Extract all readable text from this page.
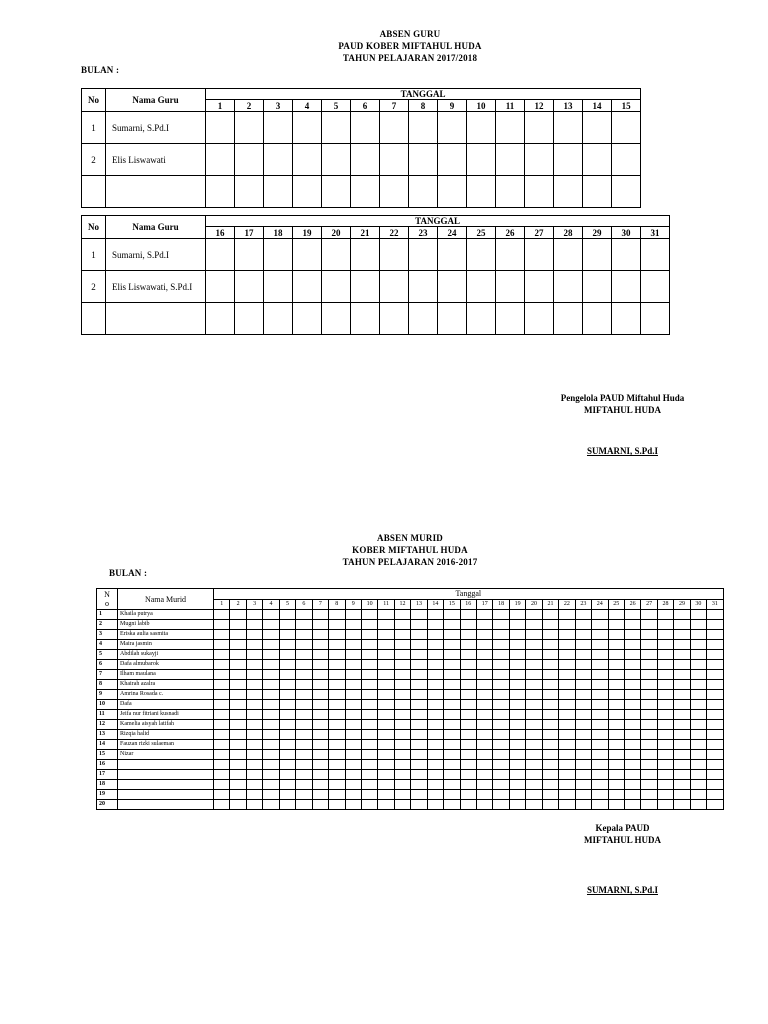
ABSEN GURU
PAUD KOBER MIFTAHUL HUDA
TAHUN PELAJARAN 2017/2018
BULAN :
No	Nama Guru	TANGGAL														
		1	2	3	4	5	6	7	8	9	10	11	12	13	14	15
1	Sumarni, S.Pd.I															
2	Elis Liswawati															

No	Nama Guru	TANGGAL															
		16	17	18	19	20	21	22	23	24	25	26	27	28	29	30	31
1	Sumarni, S.Pd.I																
2	Elis Liswawati, S.Pd.I																

Pengelola PAUD Miftahul Huda
MIFTAHUL HUDA
SUMARNI, S.Pd.I
ABSEN MURID
KOBER MIFTAHUL HUDA
TAHUN PELAJARAN 2016-2017
BULAN :
N
o	Nama Murid	Tanggal																														
		1	2	3	4	5	6	7	8	9	10	11	12	13	14	15	16	17	18	19	20	21	22	23	24	25	26	27	28	29	30	31
1	Khaila putrya																															
2	Mugni labib																															
3	Eriska aulia sasmita																															
4	Maira jasmin																															
5	Abdilah sukayji																															
6	Dafa almubarok																															
7	Ilham maulana																															
8	Khairah azalra																															
9	Amrina Rosada c.																															
10	Dafa																															
11	Jeifa nur fitriani kusnadi																															
12	Kamelia aisyah latifah																															
13	Rizqia halid																															
14	Fauzan rizki sulaeman																															
15	Nizar																															
16																																
17																																
18																																
19																																
20																																
Kepala PAUD
MIFTAHUL HUDA
SUMARNI, S.Pd.I
